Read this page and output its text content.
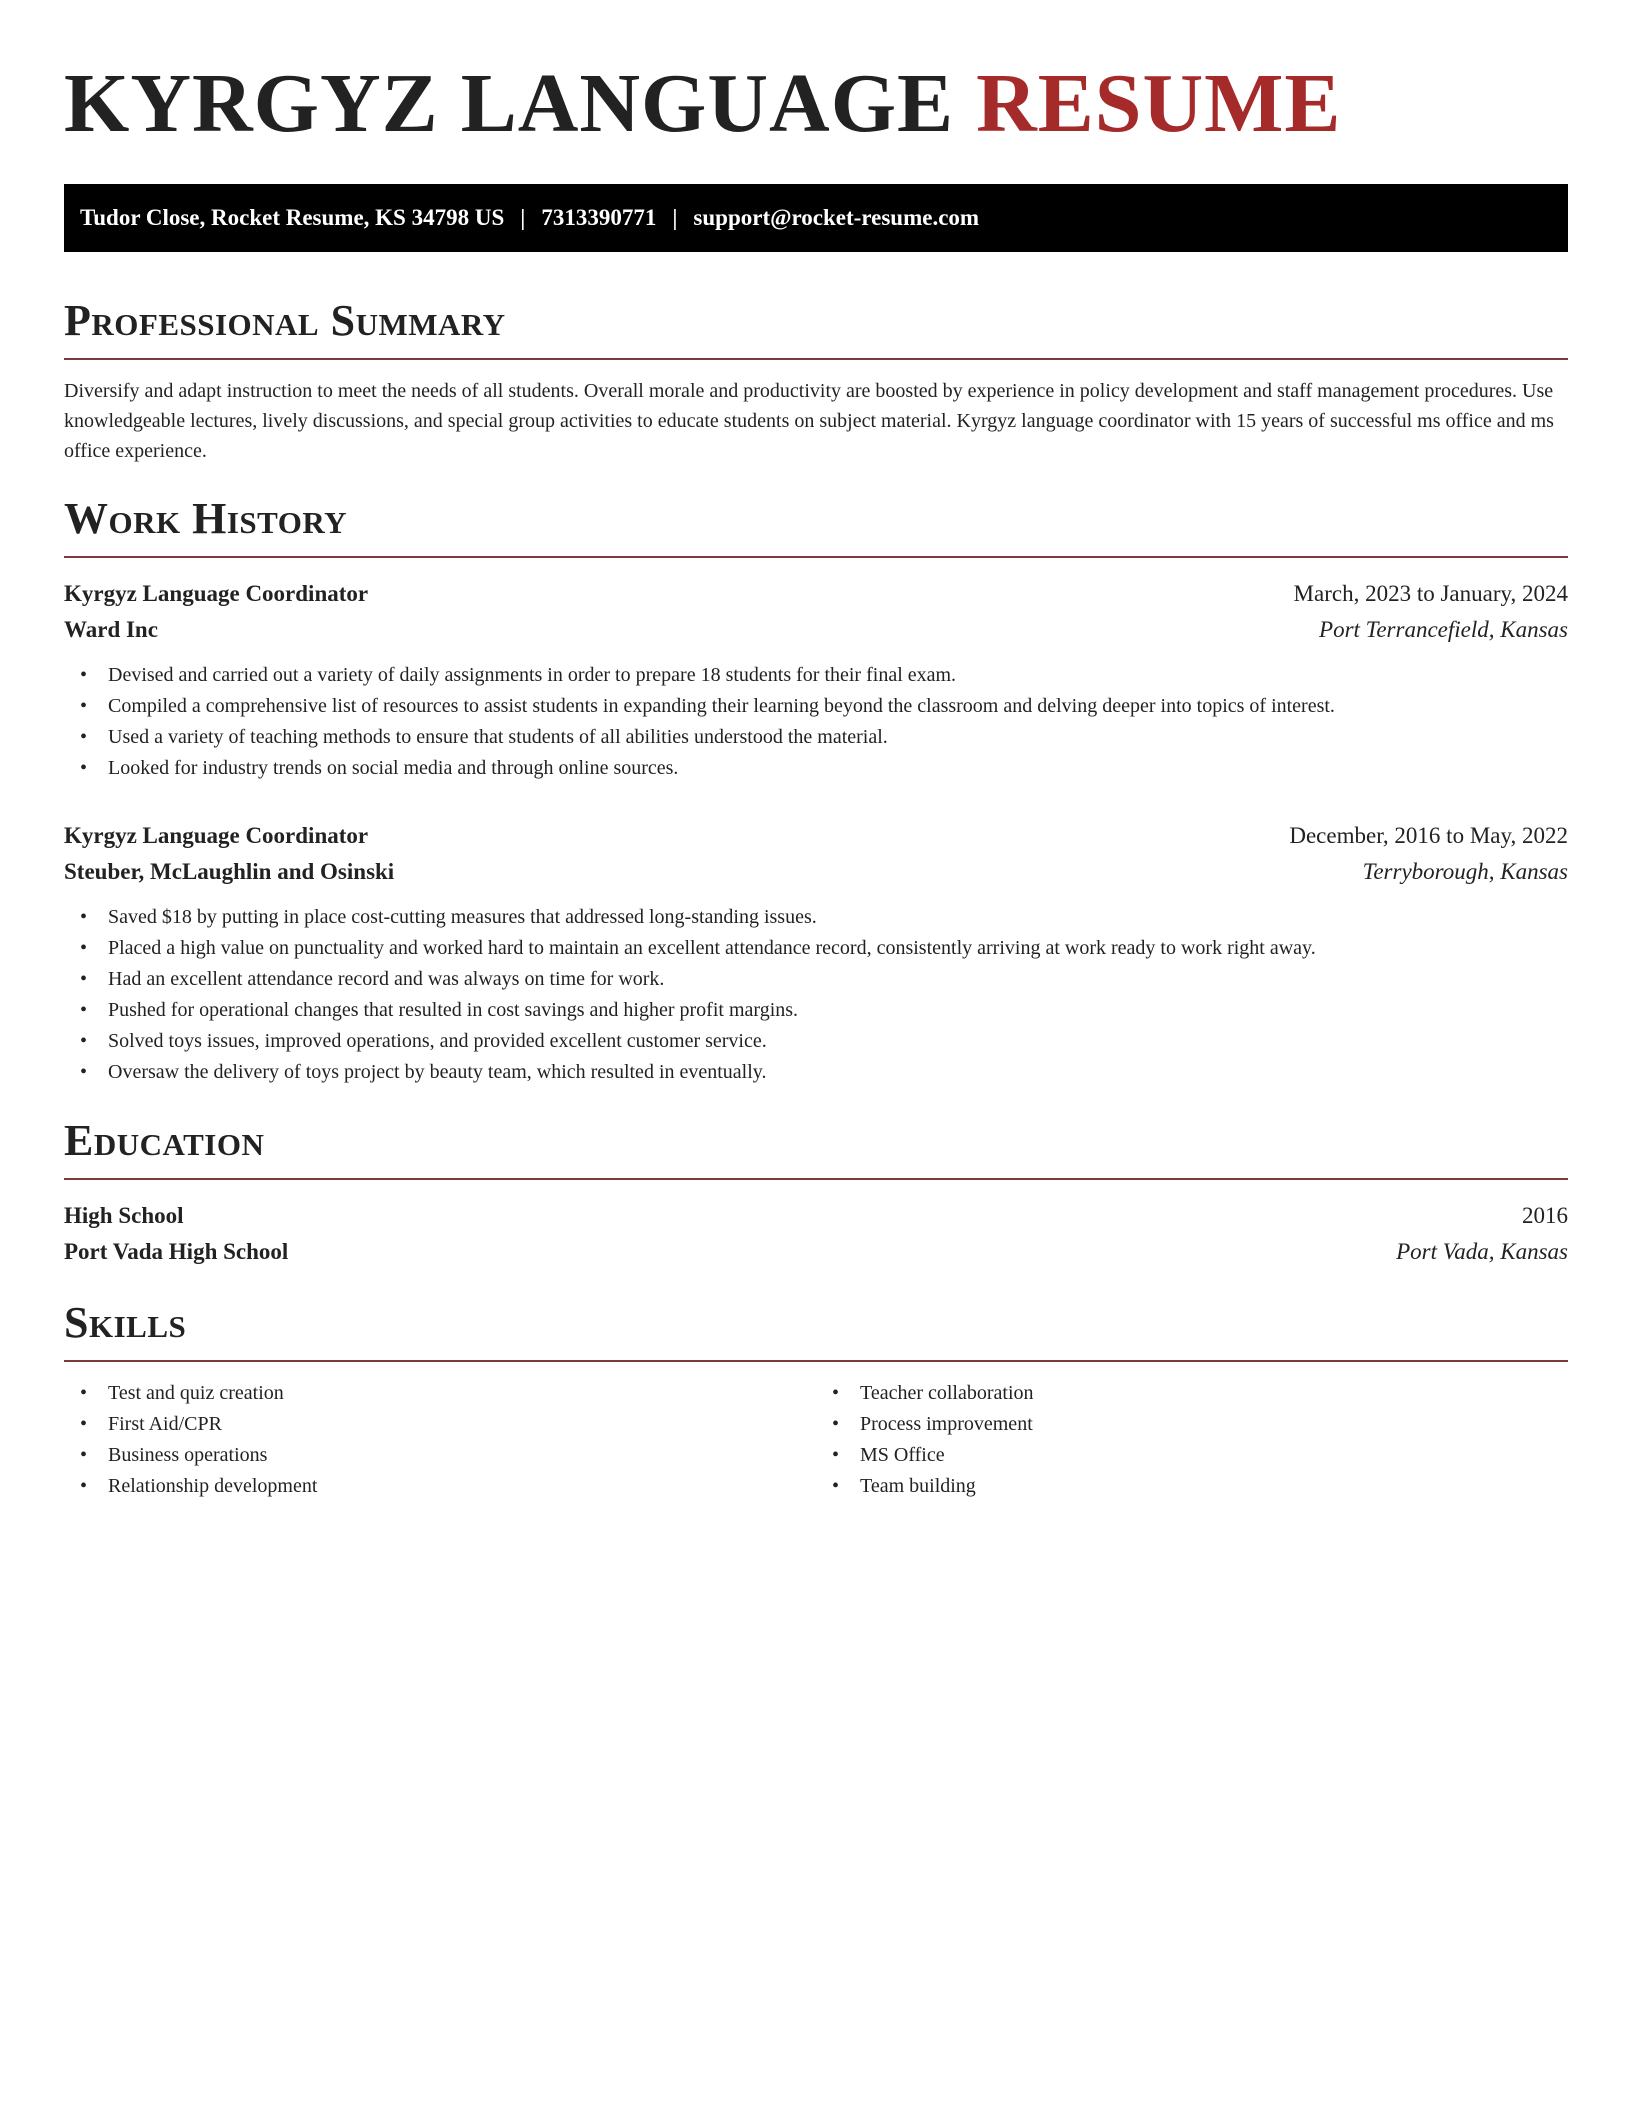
KYRGYZ LANGUAGE RESUME
Tudor Close, Rocket Resume, KS 34798 US | 7313390771 | support@rocket-resume.com
Professional Summary

Diversify and adapt instruction to meet the needs of all students. Overall morale and productivity are boosted by experience in policy development and staff management procedures. Use knowledgeable lectures, lively discussions, and special group activities to educate students on subject material. Kyrgyz language coordinator with 15 years of successful ms office and ms office experience.

Work History
Kyrgyz Language Coordinator	March, 2023 to January, 2024
Ward Inc	Port Terrancefield, Kansas
• Devised and carried out a variety of daily assignments in order to prepare 18 students for their final exam.
• Compiled a comprehensive list of resources to assist students in expanding their learning beyond the classroom and delving deeper into topics of interest.
• Used a variety of teaching methods to ensure that students of all abilities understood the material.
• Looked for industry trends on social media and through online sources.
Kyrgyz Language Coordinator	December, 2016 to May, 2022
Steuber, McLaughlin and Osinski	Terryborough, Kansas
• Saved $18 by putting in place cost-cutting measures that addressed long-standing issues.
• Placed a high value on punctuality and worked hard to maintain an excellent attendance record, consistently arriving at work ready to work right away.
• Had an excellent attendance record and was always on time for work.
• Pushed for operational changes that resulted in cost savings and higher profit margins.
• Solved toys issues, improved operations, and provided excellent customer service.
• Oversaw the delivery of toys project by beauty team, which resulted in eventually.
Education
High School	2016
Port Vada High School	Port Vada, Kansas
Skills
• Test and quiz creation
• First Aid/CPR
• Business operations
• Relationship development
• Teacher collaboration
• Process improvement
• MS Office
• Team building
